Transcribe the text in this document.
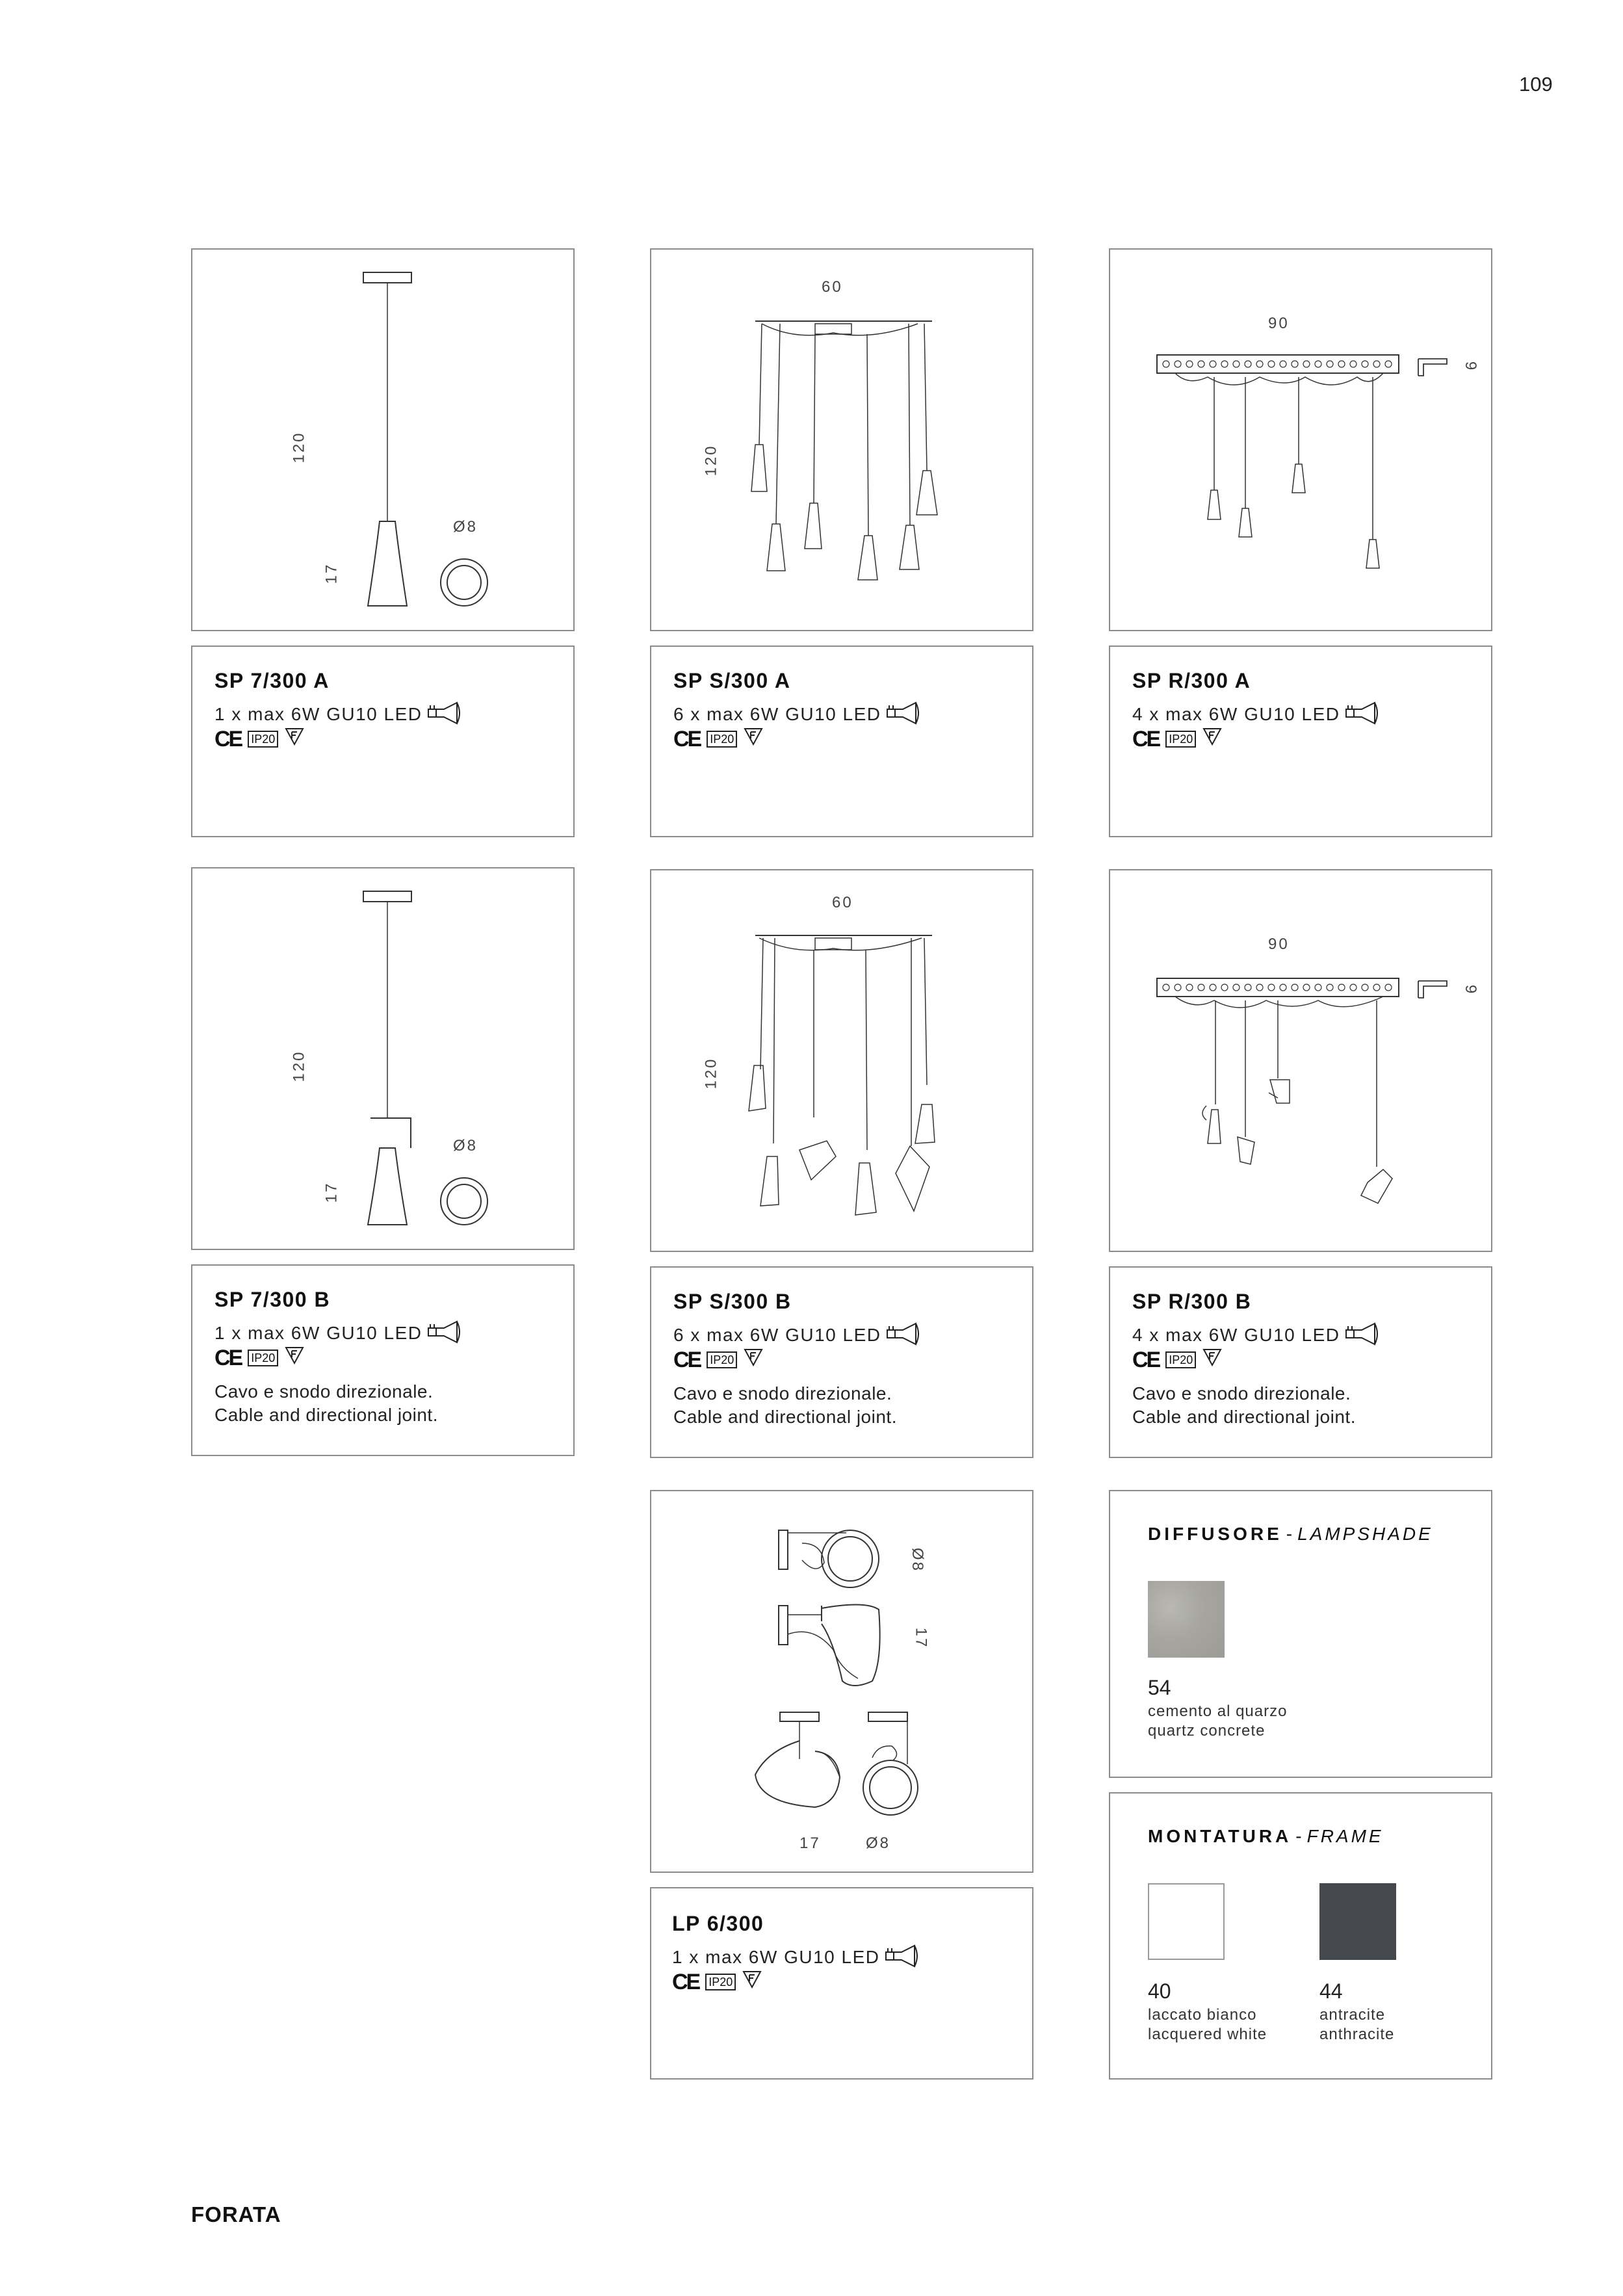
109
120
17
Ø8
60
120
90
9
SP 7/300 A
1 x max 6W GU10 LED
CE IP20
SP S/300 A
6 x max 6W GU10 LED
CE IP20
SP R/300 A
4 x max 6W GU10 LED
CE IP20
120
17
Ø8
60
120
90
9
SP 7/300 B
1 x max 6W GU10 LED
CE IP20
Cavo e snodo direzionale.
Cable and directional joint.
SP S/300 B
6 x max 6W GU10 LED
CE IP20
Cavo e snodo direzionale.
Cable and directional joint.
SP R/300 B
4 x max 6W GU10 LED
CE IP20
Cavo e snodo direzionale.
Cable and directional joint.
Ø8
17
17	Ø8
LP 6/300
1 x max 6W GU10 LED
CE IP20
DIFFUSORE - LAMPSHADE
54
cemento al quarzo
quartz concrete
MONTATURA - FRAME
40
laccato bianco
lacquered white
44
antracite
anthracite
FORATA
